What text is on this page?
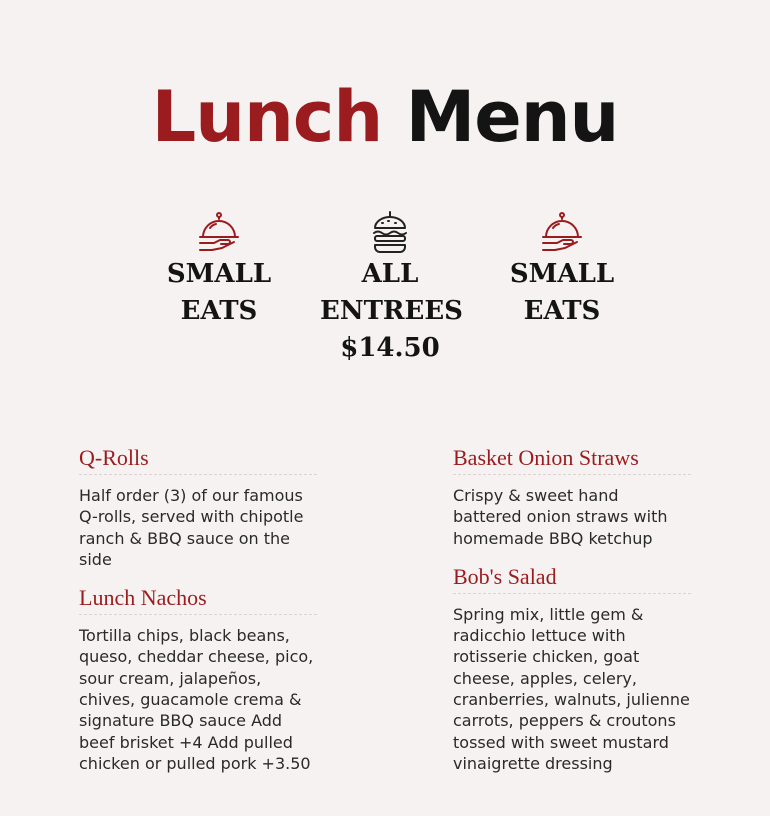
Lunch Menu
SMALL EATS
ALL ENTREES $14.50
SMALL EATS
Q-Rolls
Half order (3) of our famous Q-rolls, served with chipotle ranch & BBQ sauce on the side
Lunch Nachos
Tortilla chips, black beans, queso, cheddar cheese, pico, sour cream, jalapeños, chives, guacamole crema & signature BBQ sauce Add beef brisket +4 Add pulled chicken or pulled pork +3.50
Basket Onion Straws
Crispy & sweet hand battered onion straws with homemade BBQ ketchup
Bob's Salad
Spring mix, little gem & radicchio lettuce with rotisserie chicken, goat cheese, apples, celery, cranberries, walnuts, julienne carrots, peppers & croutons tossed with sweet mustard vinaigrette dressing
